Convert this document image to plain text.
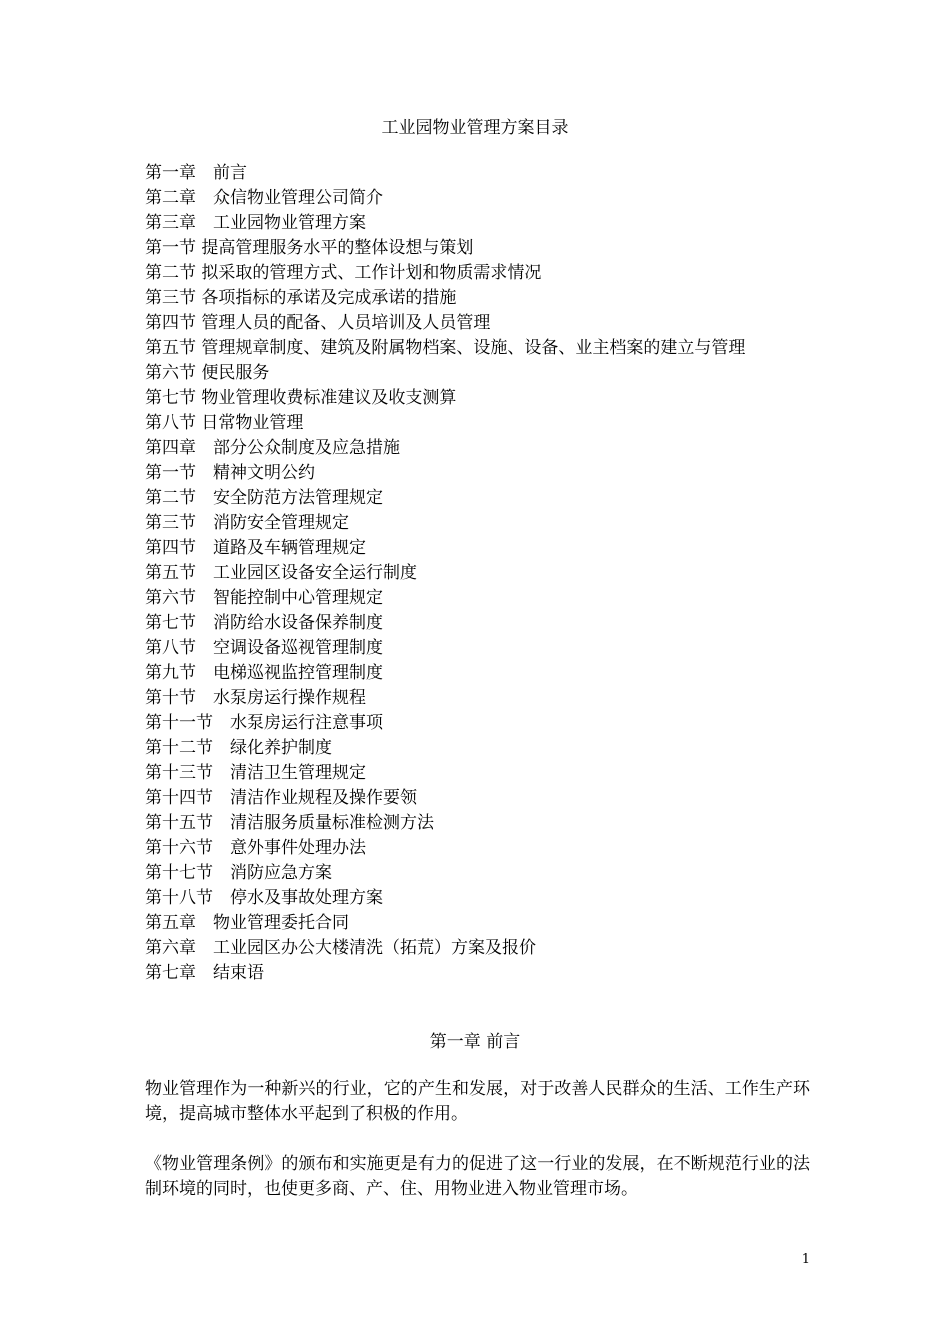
工业园物业管理方案目录
第一章　前言
第二章　众信物业管理公司简介
第三章　工业园物业管理方案
第一节 提高管理服务水平的整体设想与策划
第二节 拟采取的管理方式、工作计划和物质需求情况
第三节 各项指标的承诺及完成承诺的措施
第四节 管理人员的配备、人员培训及人员管理
第五节 管理规章制度、建筑及附属物档案、设施、设备、业主档案的建立与管理
第六节 便民服务
第七节 物业管理收费标准建议及收支测算
第八节 日常物业管理
第四章　部分公众制度及应急措施
第一节　精神文明公约
第二节　安全防范方法管理规定
第三节　消防安全管理规定
第四节　道路及车辆管理规定
第五节　工业园区设备安全运行制度
第六节　智能控制中心管理规定
第七节　消防给水设备保养制度
第八节　空调设备巡视管理制度
第九节　电梯巡视监控管理制度
第十节　水泵房运行操作规程
第十一节　水泵房运行注意事项
第十二节　绿化养护制度
第十三节　清洁卫生管理规定
第十四节　清洁作业规程及操作要领
第十五节　清洁服务质量标准检测方法
第十六节　意外事件处理办法
第十七节　消防应急方案
第十八节　停水及事故处理方案
第五章　物业管理委托合同
第六章　工业园区办公大楼清洗（拓荒）方案及报价
第七章　结束语
第一章 前言

物业管理作为一种新兴的行业，它的产生和发展，对于改善人民群众的生活、工作生产环境，提高城市整体水平起到了积极的作用。

《物业管理条例》的颁布和实施更是有力的促进了这一行业的发展，在不断规范行业的法制环境的同时，也使更多商、产、住、用物业进入物业管理市场。

1
